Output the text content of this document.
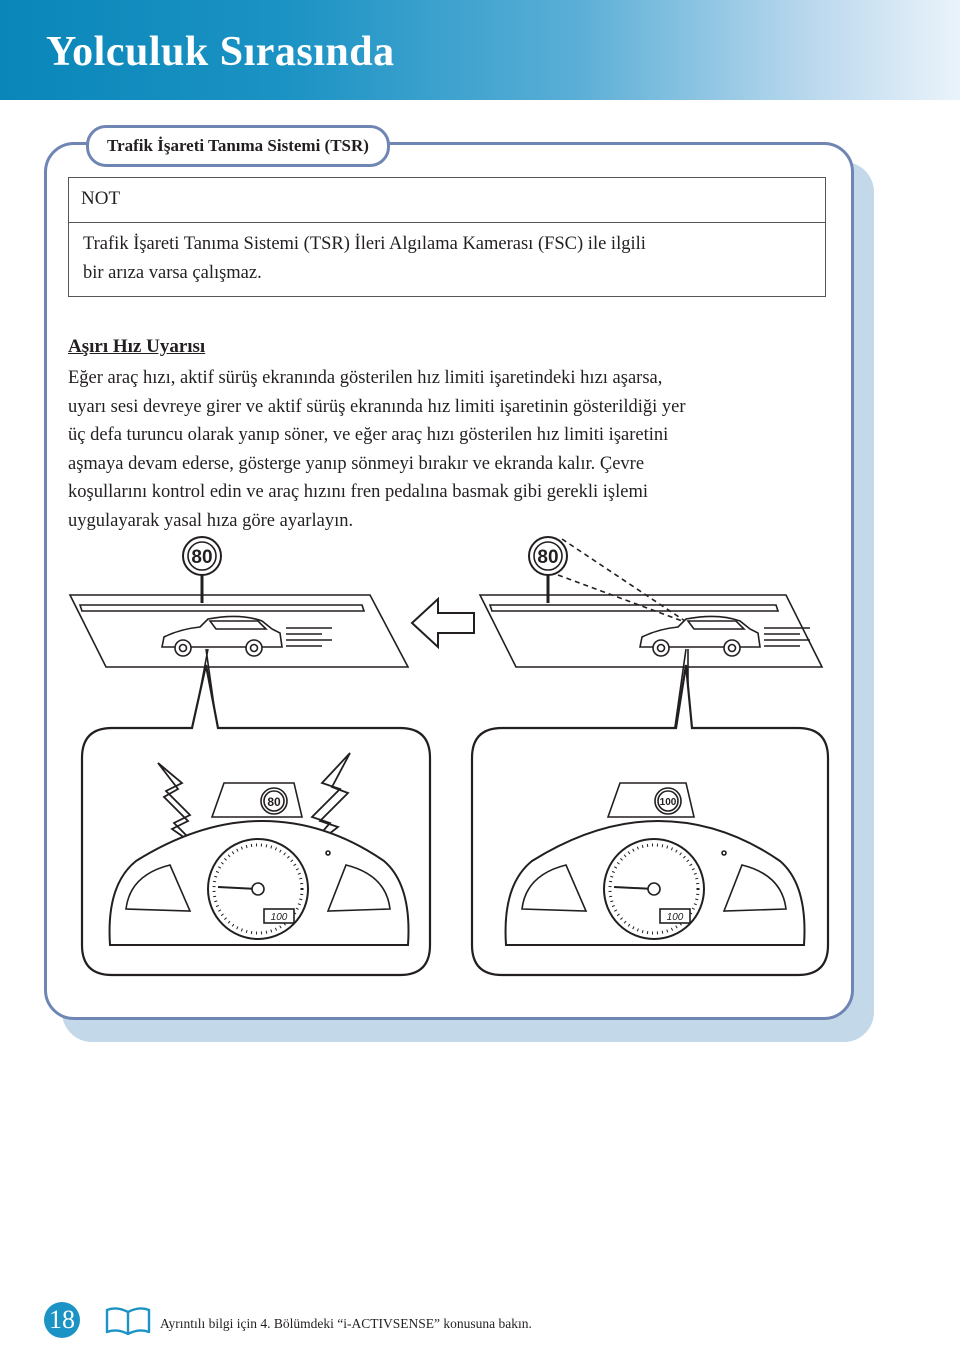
Yolculuk Sırasında
Trafik İşareti Tanıma Sistemi (TSR)
NOT
Trafik İşareti Tanıma Sistemi (TSR) İleri Algılama Kamerası (FSC) ile ilgili
bir arıza varsa çalışmaz.
Aşırı Hız Uyarısı
Eğer araç hızı, aktif sürüş ekranında gösterilen hız limiti işaretindeki hızı aşarsa,
uyarı sesi devreye girer ve aktif sürüş ekranında hız limiti işaretinin gösterildiği yer
üç defa turuncu olarak yanıp söner, ve eğer araç hızı gösterilen hız limiti işaretini
aşmaya devam ederse, gösterge yanıp sönmeyi bırakır ve ekranda kalır. Çevre
koşullarını kontrol edin ve araç hızını fren pedalına basmak gibi gerekli işlemi
uygulayarak yasal hıza göre ayarlayın.
80	80
80
100
100
100
18	Ayrıntılı bilgi için 4. Bölümdeki “i-ACTIVSENSE” konusuna bakın.
